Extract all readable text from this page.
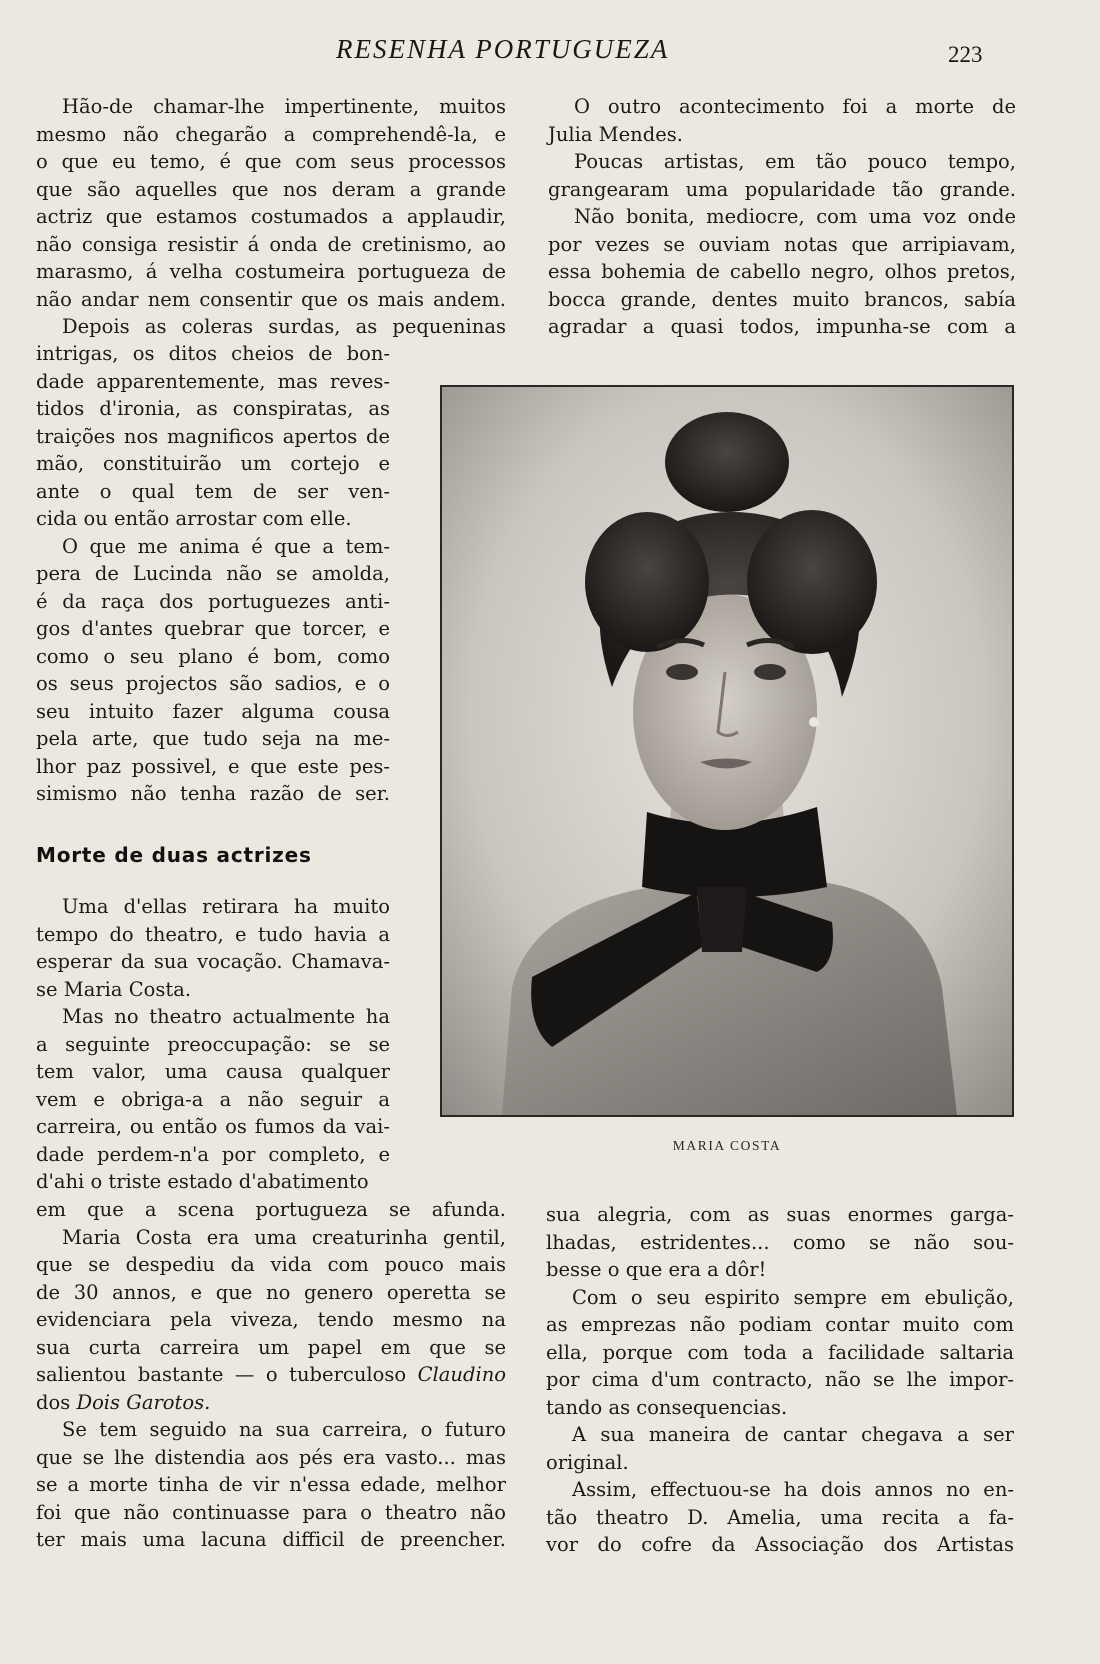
RESENHA PORTUGUEZA	223
Hão-de chamar-lhe impertinente, muitos
mesmo não chegarão a comprehendê-la, e
o que eu temo, é que com seus processos
que são aquelles que nos deram a grande
actriz que estamos costumados a applaudir,
não consiga resistir á onda de cretinismo, ao
marasmo, á velha costumeira portugueza de
não andar nem consentir que os mais andem.
Depois as coleras surdas, as pequeninas
intrigas, os ditos cheios de bon-
dade apparentemente, mas reves-
tidos d'ironia, as conspiratas, as
traições nos magnificos apertos de
mão, constituirão um cortejo e
ante o qual tem de ser ven-
cida ou então arrostar com elle.
O que me anima é que a tem-
pera de Lucinda não se amolda,
é da raça dos portuguezes anti-
gos d'antes quebrar que torcer, e
como o seu plano é bom, como
os seus projectos são sadios, e o
seu intuito fazer alguma cousa
pela arte, que tudo seja na me-
lhor paz possivel, e que este pes-
simismo não tenha razão de ser.
Morte de duas actrizes
Uma d'ellas retirara ha muito
tempo do theatro, e tudo havia a
esperar da sua vocação. Chamava-
se Maria Costa.
Mas no theatro actualmente ha
a seguinte preoccupação: se se
tem valor, uma causa qualquer
vem e obriga-a a não seguir a
carreira, ou então os fumos da vai-
dade perdem-n'a por completo, e
d'ahi o triste estado d'abatimento
em que a scena portugueza se afunda.
Maria Costa era uma creaturinha gentil,
que se despediu da vida com pouco mais
de 30 annos, e que no genero operetta se
evidenciara pela viveza, tendo mesmo na
sua curta carreira um papel em que se
salientou bastante — o tuberculoso Claudino
dos Dois Garotos.
Se tem seguido na sua carreira, o futuro
que se lhe distendia aos pés era vasto... mas
se a morte tinha de vir n'essa edade, melhor
foi que não continuasse para o theatro não
ter mais uma lacuna difficil de preencher.
O outro acontecimento foi a morte de
Julia Mendes.
Poucas artistas, em tão pouco tempo,
grangearam uma popularidade tão grande.
Não bonita, mediocre, com uma voz onde
por vezes se ouviam notas que arripiavam,
essa bohemia de cabello negro, olhos pretos,
bocca grande, dentes muito brancos, sabía
agradar a quasi todos, impunha-se com a
MARIA COSTA
sua alegria, com as suas enormes garga-
lhadas, estridentes... como se não sou-
besse o que era a dôr!
Com o seu espirito sempre em ebulição,
as emprezas não podiam contar muito com
ella, porque com toda a facilidade saltaria
por cima d'um contracto, não se lhe impor-
tando as consequencias.
A sua maneira de cantar chegava a ser
original.
Assim, effectuou-se ha dois annos no en-
tão theatro D. Amelia, uma recita a fa-
vor do cofre da Associação dos Artistas
